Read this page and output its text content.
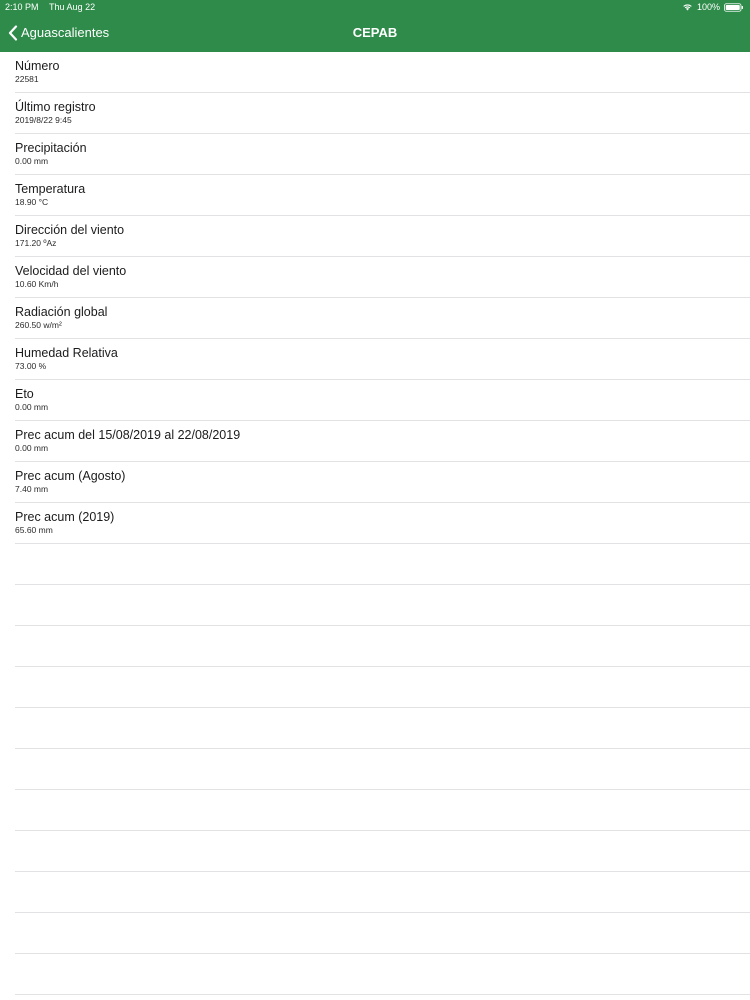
2:10 PM Thu Aug 22	100%
CEPAB
Aguascalientes
Número
22581
Último registro
2019/8/22 9:45
Precipitación
0.00 mm
Temperatura
18.90 °C
Dirección del viento
171.20 ºAz
Velocidad del viento
10.60 Km/h
Radiación global
260.50 w/m²
Humedad Relativa
73.00 %
Eto
0.00 mm
Prec acum del 15/08/2019 al 22/08/2019
0.00 mm
Prec acum (Agosto)
7.40 mm
Prec acum (2019)
65.60 mm
